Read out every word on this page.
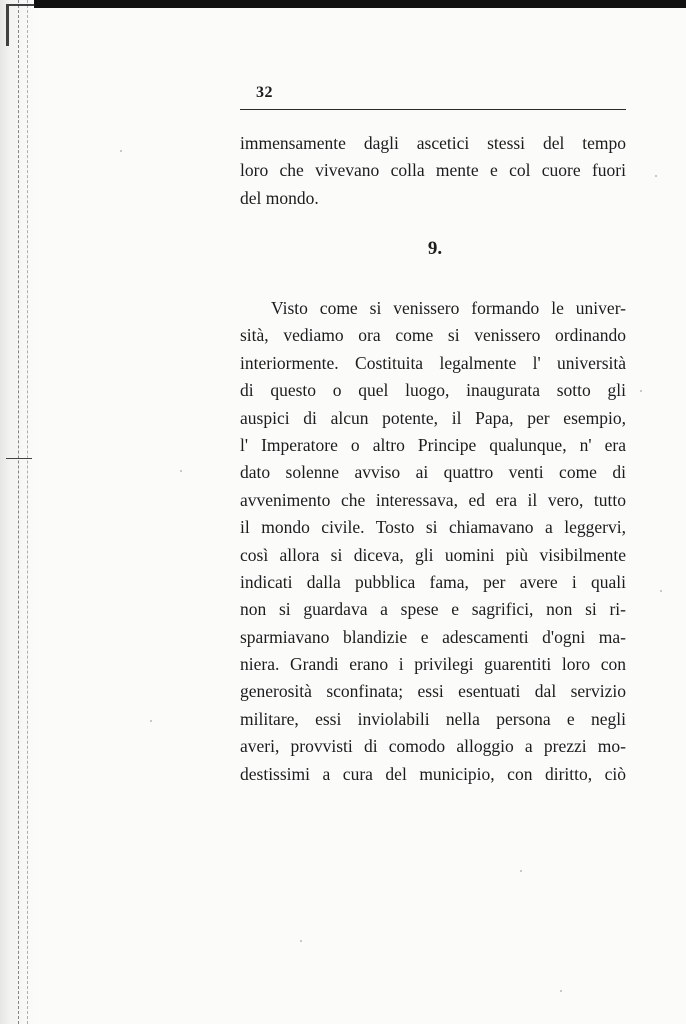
32
immensamente dagli ascetici stessi del tempo
loro che vivevano colla mente e col cuore fuori
del mondo.
9.
Visto come si venissero formando le univer-
sità, vediamo ora come si venissero ordinando
interiormente. Costituita legalmente l' università
di questo o quel luogo, inaugurata sotto gli
auspici di alcun potente, il Papa, per esempio,
l' Imperatore o altro Principe qualunque, n' era
dato solenne avviso ai quattro venti come di
avvenimento che interessava, ed era il vero, tutto
il mondo civile. Tosto si chiamavano a leggervi,
così allora si diceva, gli uomini più visibilmente
indicati dalla pubblica fama, per avere i quali
non si guardava a spese e sagrifici, non si ri-
sparmiavano blandizie e adescamenti d'ogni ma-
niera. Grandi erano i privilegi guarentiti loro con
generosità sconfinata; essi esentuati dal servizio
militare, essi inviolabili nella persona e negli
averi, provvisti di comodo alloggio a prezzi mo-
destissimi a cura del municipio, con diritto, ciò
